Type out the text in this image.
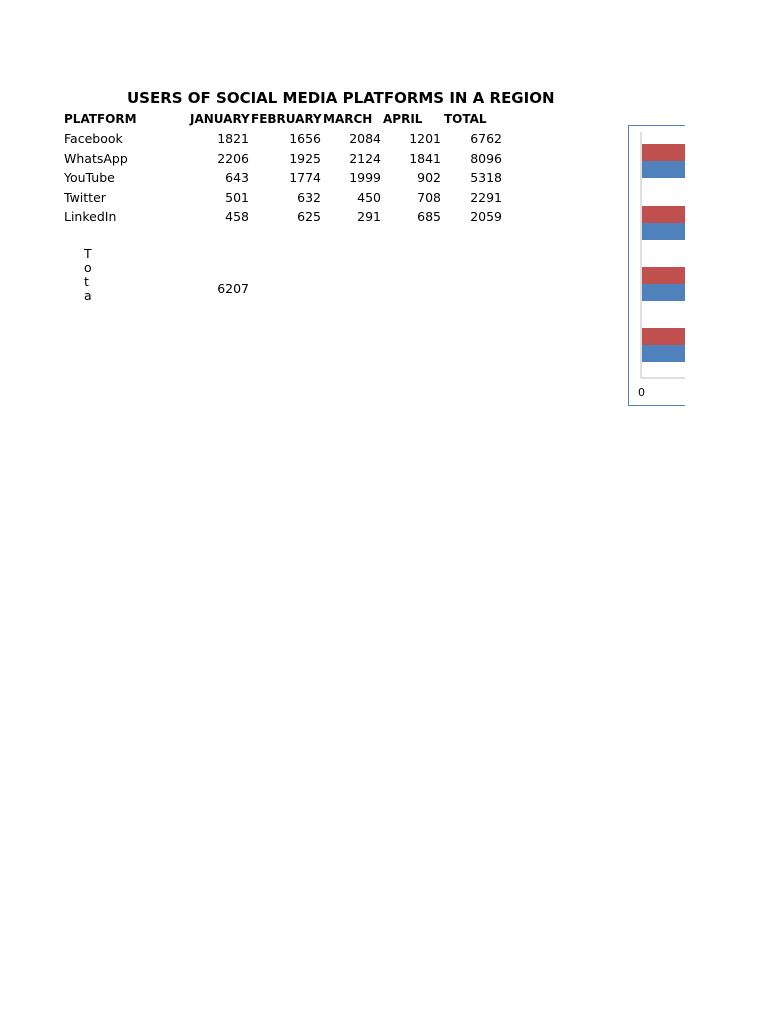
USERS OF SOCIAL MEDIA PLATFORMS IN A REGION
PLATFORM	JANUARY FEBRUARY MARCH APRIL TOTAL
Facebook	1821	1656	2084	1201	6762
WhatsApp	2206	1925	2124	1841	8096
YouTube	643	1774	1999	902	5318
Twitter	501	632	450	708	2291
LinkedIn	458	625	291	685	2059
T
o
t
a	6207
0
